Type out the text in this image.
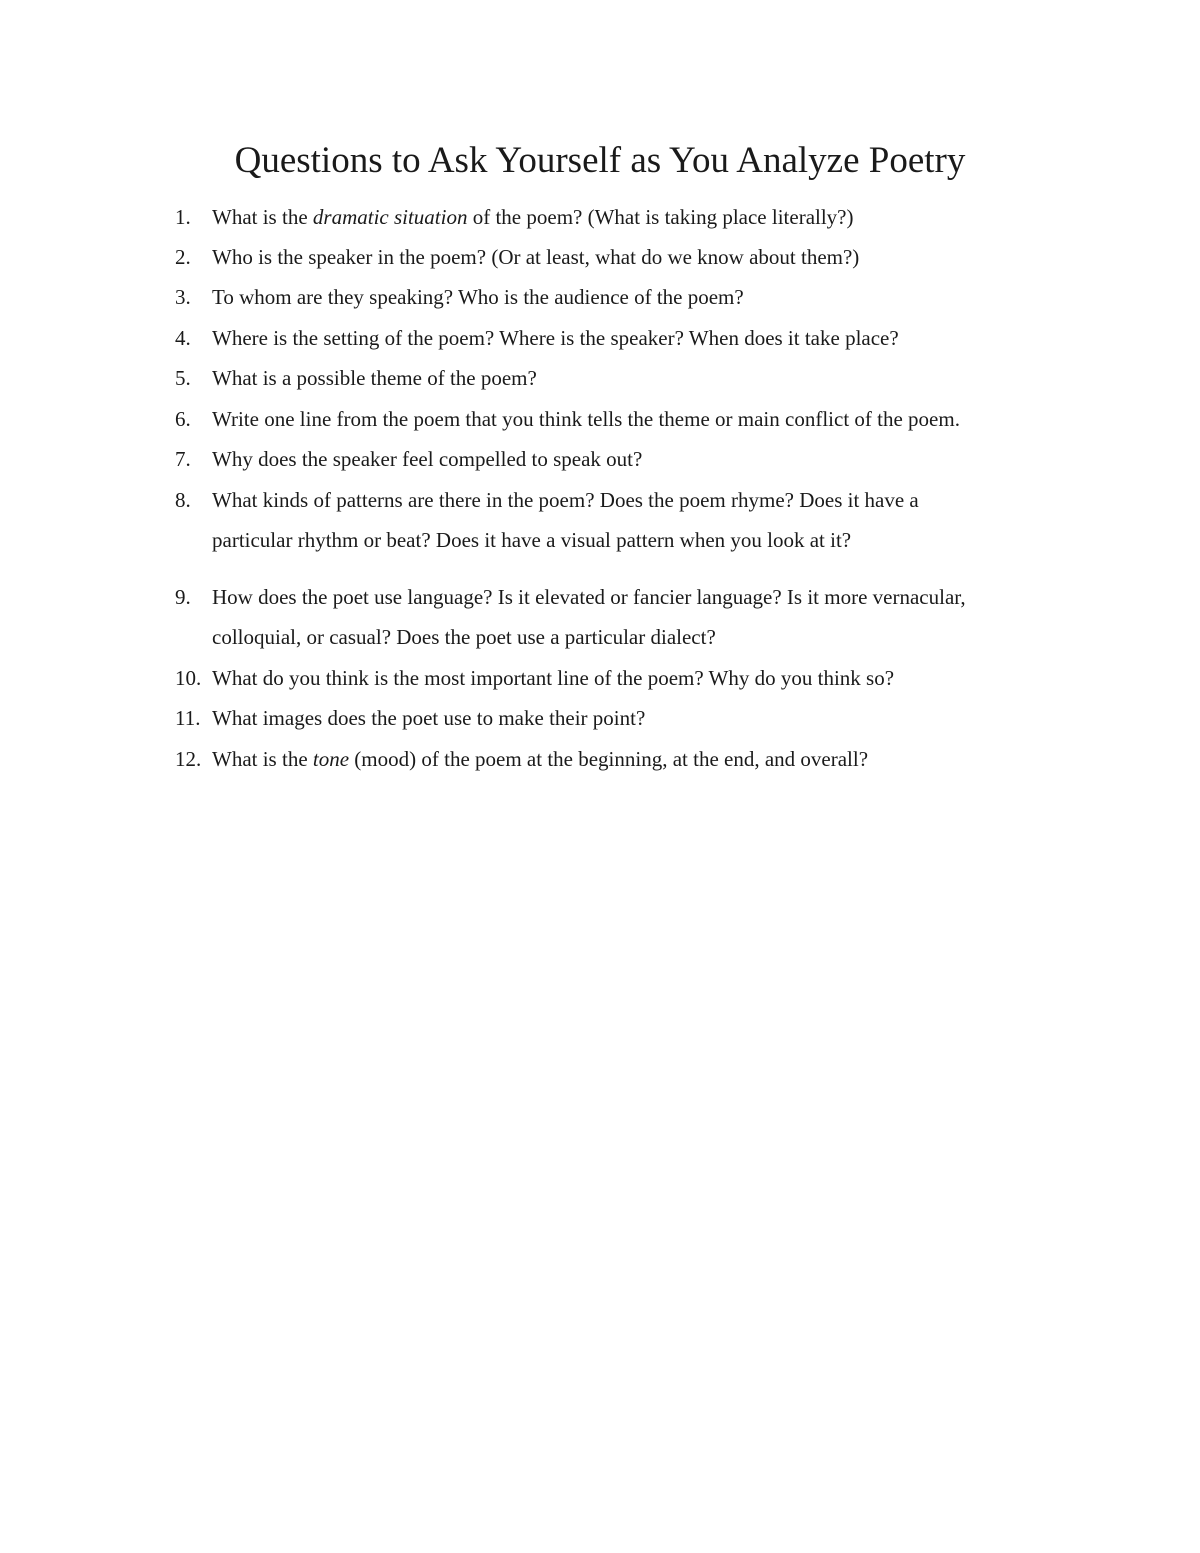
Questions to Ask Yourself as You Analyze Poetry
1. What is the dramatic situation of the poem? (What is taking place literally?)
2. Who is the speaker in the poem? (Or at least, what do we know about them?)
3. To whom are they speaking? Who is the audience of the poem?
4. Where is the setting of the poem? Where is the speaker? When does it take place?
5. What is a possible theme of the poem?
6. Write one line from the poem that you think tells the theme or main conflict of the poem.
7. Why does the speaker feel compelled to speak out?
8. What kinds of patterns are there in the poem? Does the poem rhyme? Does it have a
particular rhythm or beat? Does it have a visual pattern when you look at it?
9. How does the poet use language? Is it elevated or fancier language? Is it more vernacular,
colloquial, or casual? Does the poet use a particular dialect?
10. What do you think is the most important line of the poem? Why do you think so?
11. What images does the poet use to make their point?
12. What is the tone (mood) of the poem at the beginning, at the end, and overall?
